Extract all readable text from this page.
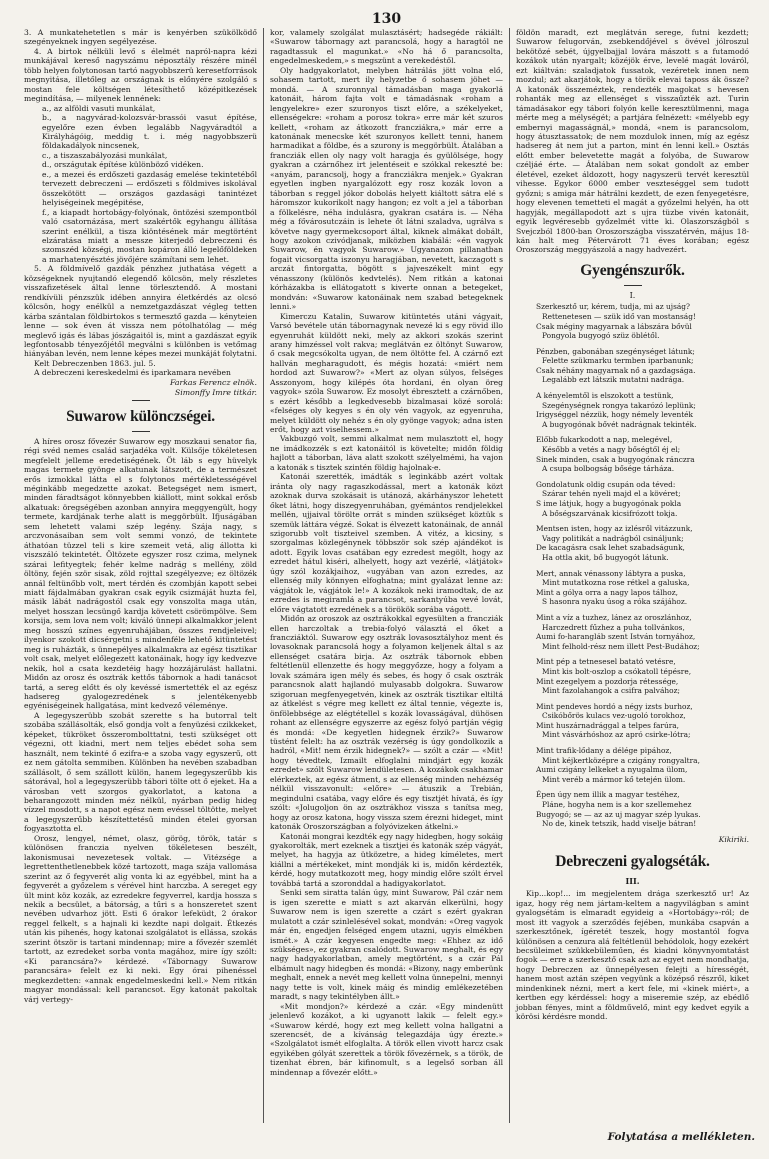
130

3. A munkatehetetlen s már is kenyérben szükölködő szegényeknek ingyen segélyezése.

4. A birtok nélküli levő s élelmét napról-napra kézi munkájával kereső nagyszámu néposztály részére minél több helyen folytonosan tartó nagyobbszerü keresetforrások megnyitása, illetőleg az országnak is előnyére szolgáló s mostan fele költségen létesíthető középitkezések megindítása, — milyenek lennének:

a., az alföldi vasuti munkálat,

b., a nagyvárad-kolozsvár-brassói vasut építése, egyelőre ezen évben legalább Nagyváradtól a Királyhágóig, meddig t. i. még nagyobbszerü földakadályok nincsenek,

c., a tiszaszabályozási munkálat,

d., országutak építése különböző vidéken.

e., a mezei és erdőszeti gazdaság emelése tekintetéből tervezett debreczeni — erdőszeti s földmives iskolával összekötött — országos gazdasági tanintézet helyiségeinek megépitése,

f., a kiapadt hortobágy-folyónak, öntözési szempontból való csatornázása, mert szakértők egyhangu állítása szerint enélkül, a tisza kiöntésének már megtörtént elzáratása miatt a messze kiterjedő debreczeni és szomszéd községi, mostan kopáron álló legelőföldeken a marhatenyésztés jövőjére számítani sem lehet.

5. A földmívelő gazdák pénzhez juthatása végett a községeknek nyujtandó elegendő kölcsön, mely részletes visszafizetések által lenne törlesztendő. A mostani rendkívüli pénzszük idében annyira életkérdés az olcsó kölcsön, hogy enélkül a nemzetgazdászat végleg tetten kárba szántalan földbirtokos s termesztő gazda — kényteien lenne — sok éven át vissza nem pótolhatólag — még meglevő igás és lábas jószágaitól is, mint a gazdászat egyik legfontosabb tényezőjétől megválni s különben is vetőmag hiányában levén, nem lenne képes mezei munkáját folytatni.

Kelt Debreczenben 1863. jul. 5.

A debreczeni kereskedelmi és iparkamara nevében

Farkas Ferencz elnök.
Simonffy Imre titkár.
Suwarow különczségei.

A híres orosz fővezér Suwarow egy moszkaui senator fia, régi svéd nemes család sarjadéka volt. Külsője tökéletesen megfelelt jelleme eredetiségének. Öt láb s egy hüvelyk magas termete gyönge alkatunak látszott, de a természet erős izmokkal látta el s folytonos mértékletességével méginkább megedzette azokat. Betegséget nem ismert, minden fáradtságot könnyebben kiállott, mint sokkal erősb alkatuak: öregségében azonban annyira meggyengült, hogy termete, kardjának terhe alatt is meggörbült. Ifjuságában sem lehetett valami szép legény. Szája nagy, s arczvonásaiban sem volt semmi vonzó, de tekintete áthatóan tüzzel teli s kire szemeit vetá, alig állotta ki viszszáló tekintetét. Öltözete egyszer rosz czima, melynek szárai lefityegtek; fehér kelme nadrág s mellény, zöld öltöny, fején ször sisak, zöld rojttal szegélyezve; ez öltözék annál feltünőbb volt, mert térdén és czombján kapott sebei miatt fájdalmában gyakran csak egyik csizmáját huzta fel, másik lábát nadrágostól csak egy vonszolta maga után, melyet hosszan lecsüngő kardja követett csörömpölve. Sem korsija, sem lova nem volt; kiváló ünnepi alkalmakkor jelent meg hosszú színes egyenruhájában, összes rendjeleivel; ilyenkor szokott dicsérgetni s mindenféle lehető kitüntetést meg is ruházták, s ünnepélyes alkalmakra az egész tisztikar volt csak, melyet előlegezett katonáinak, hogy így kedvezve nekik, hol a csata kezdetéig hagy hozzájárulást hallatni. Midőn az orosz és osztrák kettős tábornok a hadi tanácsot tartá, a sereg előtt és oly kevéssé ismertették el az egész hadsereg gyalogezredének s jelentékenyebb egyéniségeinek hallgatása, mint kedvező véleménye.

A legegyszerübb szobát szerette s ha butorral telt szobába szállásolták, első gondja volt a fenyüzési czikkeket, képeket, tükröket összerombolttatni, testi szükséget ott végezni, ott kiadni, mert nem teljes ebédet soha sem használt, nem tekinté ő ezifra-e a szoba vagy egyszerű, ott ez nem gátolta semmiben. Különben ha nevében szabadban szállásolt, ő sem szállott külön, hanem legegyszerűbb kis sátorával, hol a legegyszerübb tábori tölte ott ő ejeket. Ha a városban vett szorgos gyakorlatot, a katona a beharangozott minden méz nélkül, nyárban pedig hideg vízzel mosdott, s a napot egész nem evéssel töltötte, melyet a legegyszerűbb készítettetésű minden ételei gyorsan fogyasztotta el.

Orosz, lengyel, német, olasz, görög, török, tatár s különösen franczia nyelven tökéletesen beszélt, lakonismusai nevezetesek voltak. — Vitézsége a legrettenthetlenebbek közé tartozott, maga szája vallomása szerint az ő fegyverét alig vonta ki az egyébbel, mint ha a fegyverét a győzelem s vérével hint harczba. A sereget egy ült mint köz kozák, az ezredekre fegyverrel, kardja hossza s nekik a becsület, a bátorság, a tűri s a honszeretet szent nevében udvarhoz jött. Esti 6 órakor lefeküdt, 2 órakor reggel felkelt, s a hajnali ki kezdte napi dolgait. Étkezés után kis pihenés, hogy katonai szolgálatot is ellássa, szokás szerint ötször is tartani mindennap; mire a fővezér szemlét tartott, az ezredeket sorba vonta magához, mire így szólt: «Ki parancsára?» kérdezé. «Tábornagy Suwarow parancsára» felelt ez ki neki. Egy órai pihenéssel megkezdetten: «annak engedelmeskedni kell.» Nem ritkán magyar mondással: kell parancsot. Egy katonát pakoltak várj vertegy-

kor, valamely szolgálat mulasztásért; hadsegéde rákiált: «Suwarow tábornagy azt parancsolá, hogy a haragtól ne ragadtassuk el magunkat.» «No há ő parancsolta, engedelmeskedem,» s megszünt a verekedéstől.

Oly hadgyakorlatot, melyben hátrálás jött volna elő, sohasem tartott, mert ily helyzetbe ő sohasem jöhet — mondá. — A szuronnyal támadásban maga gyakorlá katonáit, három fajta volt e támadásnak «roham a lengyelekre» ezer szuronyos tiszt előre, a székelyeket, ellenségekre: «roham a porosz tokra» erre már két szuros kellett, «roham az átkozott francziákra,» már erre a katonának menecske két szuronyos kellett tenni, hanem harmadikat a földbe, és a szurony is meggörbült. Átalában a francziák ellen oly nagy volt haragja és gyülölsége, hogy gyakran a czárnőhez irt jelentéseit e szókkal rekeszté be: «anyám, parancsolj, hogy a francziákra menjek.» Gyakran egyetlen ingben nyargalózott egy rosz kozák lovon a táborban s reggel jókor dobolás helyett kiáltott sátra elé s háromszor kukorikolt nagy hangon; ez volt a jel a táborban a fölkelésre, néha indulásra, gyakran csatára is. — Néha még a fővárosutczáin is lehete őt látni szaladva, ugrálva s követve nagy gyermekcsoport által, kiknek almákat dobált, hogy azokon czivódjanak, miközben kiabálá: «én vagyok Suwarow, én vagyok Suwarow.» Ugyanazon pillanatban fogait vicsorgatta iszonyu haragjában, nevetett, kaczagott s arczát fintorgatta, bögött s jajveszékelt mint egy vénasszony (különös kedvtelés). Nem ritkán a katonai kórházakba is ellátogatott s kiverte onnan a betegeket, mondván: «Suwarow katonáinak nem szabad betegeknek lenni.»

Kimerczu Katalin, Suwarow kitüntetés utáni vágyait, Varsó bevétele után tábornagynak nevezé ki s egy rövid illo egyenruhát küldött neki, mely az akkori szokás szerint arany himzéssel volt rakva; meglátván ez öltönyt Suwarow, ő csak megcsókolta ugyan, de nem öltötte fel. A czárnő ezt hallván megharagudott, és mégis hozatá: «miért nem hordod azt Suwarow?» «Mert az olyan súlyos, felséges Asszonyom, hogy kilépés óta hordani, én olyan öreg vagyok» szóla Suwarow. Ez mosolyt ébresztett a czárnőben, s ezért később a legkedvesebb bizalmasai közé sorolá: «felséges oly kegyes s én oly vén vagyok, az egyenruha, melyet küldött oly nehéz s én oly gyönge vagyok; adna isten erőt, hogy azt viselhessem.»

Vakbuzgó volt, semmi alkalmat nem mulasztott el, hogy ne imádkozzék s ezt katonáitól is követelte; midőn földig hajlott a táborban, láva alatt szokott szélyelmémi, ha vajon a katonák s tisztek szintén földig hajolnak-e.

Katonái szerették, imádták s leginkább azért voltak iránta oly nagy ragaszkodással, mert a katonák közt azoknak durva szokásait is utánozá, akárhányszor lehetett őket látni, hogy diszegyenruhában, gyémántos rendjelekkel mellén, ujjaival törölte orrát s minden szükséget köztük s szemük láttára végzé. Sokat is élvezett katonáinak, de annál szigorubb volt tiszteivel szemben. A vitéz, a kicsiny, s szorgalmas közlegénynek többször sok szép ajándékot is adott. Egyik lovas csatában egy ezredest megölt, hogy az ezredet hátul kiséri, alhelyett, hogy azt vezérlé, «látjátok» úgy szól kozákjaihoz, «ugyában van azon ezredes, az ellenség mily könnyen elfoghatna; mint gyalázat lenne az: vágjátok le, vágjátok le!» A kozákok neki iramodtak, de az ezredes is megiramlá a parancsot, sarkantyúba vevé lovát, előre vágtatott ezredének s a törökök sorába vágott.

Midőn az oroszok az osztrákokkal egyesülten a francziák ellen harczoltak a trebia-folyó választá el őket a francziáktól. Suwarow egy osztrák lovasosztályhoz ment és lovasoknak parancsolá hogy a folyamon keljenek által s az ellenséget csatára birja. Az osztrák tábornok ebben feltétlenül ellenzette és hogy meggyőzze, hogy a folyam a lovak számára igen mély és sebes, és hogy ő csak osztrák parancsnok alatt hajlandó mulyasabb dolgokra. Suwarow szigoruan megfenyegetvén, kinek az osztrák tisztikar eltiltá az átkelést s végre meg kellett ez által tennie, végezte is, önfölebbsége az elégtétellel s kozák lovasságával, dühösen rohant az ellenségre egyszerre az egész folyó partján végig és mondá: «De kegyetlen hidegnek érzik?» Suwarow tüstént felelt: ha az osztrák vezérség is úgy gondolkozik a hadról, «Mit! nem érzik hidegnek?» — szólt a czár — «Mit! hogy tévedtek, Izmailt elfoglalni mindjárt egy kozák ezredet» szólt Suwarow lendületesen. A kozákok csakhamar elérkeztek, az egész átment, s az ellenség minden nehézség nélkül visszavonult: «előre» — átuszik a Trebián, megindulni csatába, vagy előre és egy tisztjét hívatá, és így szólt: «Jolugoljon ön az osztrákhoz vissza s tanítsa meg, hogy az orosz katona, hogy vissza szem érezni hideget, mint katonák Oroszországban a folyóvizeken átkelni.»

Katonái mongrai kezdték egy nagy hidegben, hogy sokáig gyakorolták, mert ezeknek a tisztjei és katonák szép vágyát, melyet, ha hagyja az ütközetre, a hideg kíméletes, mert kiállni a mértékeket, mint mondják ki is, midőn kérdezték, kérdé, hogy mutatkozott meg, hogy mindig előre szólt érvel továbbá tartá a szoronddal a hadigyakorlatot.

Senki sem siratta talán úgy, mint Suwarow, Pál czár nem is igen szerette e miatt s azt akarván elkerülni, hogy Suwarow nem is igen szerette a czárt s ezért gyakran mulatott a czár szinlelésével sokat, mondván: «Oreg vagyok már én, engedjen felséged engem utazni, ugyis elmékben ismét.» A czár kegyesen engedte meg: «Ehhez az idő szükséges», ez gyakran csalódott. Suwarow meghalt, és egy nagy hadgyakorlatban, amely megtörtént, s a czár Pál elbámult nagy hidegben és mondá: «Bizony, nagy emberünk meghalt, ennek a nevét meg kellett volna ünnepelni, mennyi nagy tette is volt, kinek máig és mindig emlékezetében maradt, s nagy tekintélyben állt.»

«Mit mondjon?» kérdezé a czár. «Egy mindenütt jelenlevő kozákot, a ki ugyanott lakik — felelt egy.» «Suwarow kérdé, hogy ezt meg kellett volna hallgatni a szerencsét, de a kívánság telegazdája úgy érezte.» «Szolgálatot ismét elfoglalta. A török ellen vivott harcz csak egyikében gólyát szerettek a török fővezérnek, s a török, de tizenhat ébren, bár kifinomult, s a legelső sorban áll mindennap a fővezér előtt.»

földön maradt, ezt meglátván serege, futni kezdett; Suwarow felugorván, zsebkendőjével s övével jólroszul bekötözé sebét, újgyelbajjal lovára mászott s a futamodó kozákok után nyargalt; közéjök érve, levelé magát lováról, ezt kiáltván: szaladjatok fussatok, vezéretek innen nem mozdul; azt akarjátok, hogy a török elevai taposs ák össze? A katonák összeméztek, rendezték magokat s hevesen rohanták meg az ellenséget s visszaűzték azt. Turin támadásakor egy tábori folyón kelle keresztülmenni, maga mérte meg a mélységét; a partjára felnézett: «mélyebb egy embernyi magasságnál,» mondá, «nem is parancsolom, hogy átusztassatok; de nem mozdulok innen, míg az egész hadsereg át nem jut a parton, mint én lenni kell.» Osztás előtt ember belevetette magát a folyóba, de Suwarow czéljáé érte. — Átalában nem sokat gondolt az ember életével, ezeket áldozott, hogy nagyszerü tervét keresztül vihesse. Egykor 6000 ember veszteséggel sem tudott győzni; s amiga már hátrálni kezdett, de ezen fenyegetésre, hogy elevenen temetteti el magát a győzelmi helyén, ha ott hagyják, megállapodott azt s ujra tüzbe vivén katonáit, egyik legvéresebb győzelmét vitte ki. Olaszországból s Svejczból 1800-ban Oroszországba visszatérvén, május 18-kán halt meg Pétervárott 71 éves korában; egész Oroszország meggyászolá a nagy hadvezért.

Gyengénszurők.
I.
Szerkesztő ur, kérem, tudja, mi az ujság?
Rettenetesen — szük idő van mostanság!
Csak méginy magyarnak a lábszára bővül
Pongyola bugyogó szüz öblétől.
Pénzben, gabonában szegénységet látunk;
Felette szükmarku termben iparbanunk;
Csak néhány magyarnak nő a gazdagsága.
Legalább ezt látszik mutatni nadrága.
A kényelemtől is elszokott a testünk,
Szegénységnek rongya takarózó leplünk;
Irigységgel nézzük, hogy némely leventék
A bugyogónak bővét nadrágnak tekinték.
Előbb fukarkodott a nap, melegével,
Később a vetés a nagy bőségtől éj el;
Sinek minden, csak a bugyogónak ránczra
A csupa bolbogság bősége tárháza.
Gondolatunk oldig csupán oda téved:
Szárar tehén nyeli majd el a kövéret;
S ime látjuk, hogy a bugyogónak pokla
A bőségszarvának kicsifrózott tokja.
Mentsen isten, hogy az izlésről vitázzunk,
Vagy politikát a nadrágból csináljunk;
De kacagásra csak lehet szabadságunk,
Ha ottla akit, bő bugyogót látunk.
Mert, annak vénassony lábtyra a puska,
Mint mutatkozna rose rétkel a galuska,
Mint a gólya orra a nagy lapos tálhoz,
S hasonra nyaku úsog a róka szájához.
Mint a víz a tuzhez, lánez az oroszlánhoz,
Harczedrett fűzhez a puha tollvánkos,
Aumi fo-harangláb szent István tornyához,
Mint felhold-rész nem illett Pest-Budához;
Mint pép a tetnesesel batató vetésre,
Mint kis bolt-oszlop a csókatoll tépésre,
Mint ezegelyem a pozdorja rétessége,
Mint fazolahangok a csifra palvához;
Mint pendeves hordó a négy izsts burhoz,
Csikóbőrös kulacs vez-ugoló torokhoz,
Mint huszárnadrággal a telpes farúra,
Mint vásvárhóshoz az apró csirke-lótra;
Mint trafik-lődany a délége pipához,
Mint kéjkertközépre a czigány rongyaltra,
Aumi czigány lelkeket a nyugalma ülom,
Mint veréb a mármor kő tetején ülom.
Épen úgy nem illik a magyar testéhez,
Pláne, hogyha nem is a kor szellemehez
Bugyogó; se — az az uj magyar szép lyukas.
No de, kinek tetszik, hadd viselje bátran!
Kikiriki.
Debreczeni gyalogséták.
III.

Kip...kop!... im megjelentem drága szerkesztő ur! Az igaz, hogy rég nem jártam-keltem a nagyvilágban s amint gyalogsétám is elmaradt egyideig a «Hortobágy»-ról; de most itt vagyok a szerződés fejében, munkába csapván a szerkesztőnek, ígéretét teszek, hogy mostantól fogva különösen a cenzura alá feltétlenül behódolok, hogy ezekért becsüleimet szükkebüleműen, és kiadni könyvnyomtatást fogok — erre a szerkesztő csak azt az egyet nem mondhatja, hogy Debreczen az ünnepélyesen felejti a hírességét, hanem most aztán szépen vegyünk a középső részről, kiket mindenkinek nézni, mert a kert fele, mi «kinek miért», a kertben egy kérdéssel: hogy a miseremie szép, az ebédlő jobban fényes, mint a földművelő, mint egy kedvet egyik a körösi kérdésre mondd.

Folytatása a mellékleten.
